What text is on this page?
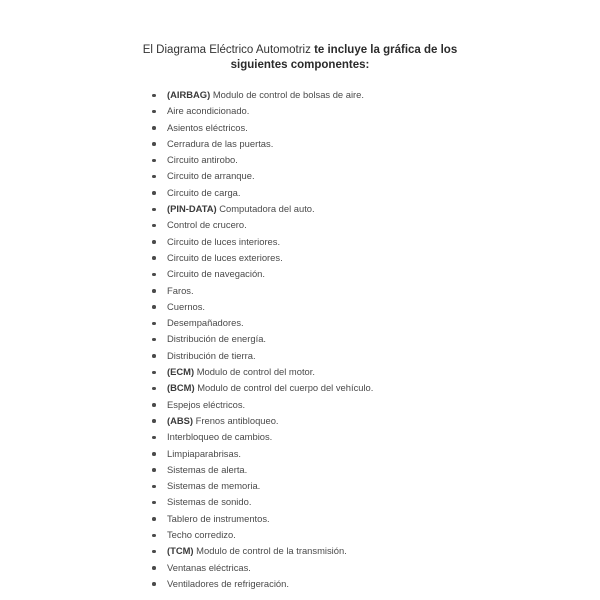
El Diagrama Eléctrico Automotriz te incluye la gráfica de los siguientes componentes:
(AIRBAG) Modulo de control de bolsas de aire.
Aire acondicionado.
Asientos eléctricos.
Cerradura de las puertas.
Circuito antirobo.
Circuito de arranque.
Circuito de carga.
(PIN-DATA) Computadora del auto.
Control de crucero.
Circuito de luces interiores.
Circuito de luces exteriores.
Circuito de navegación.
Faros.
Cuernos.
Desempañadores.
Distribución de energía.
Distribución de tierra.
(ECM) Modulo de control del motor.
(BCM) Modulo de control del cuerpo del vehículo.
Espejos eléctricos.
(ABS) Frenos antibloqueo.
Interbloqueo de cambios.
Limpiaparabrisas.
Sistemas de alerta.
Sistemas de memoria.
Sistemas de sonido.
Tablero de instrumentos.
Techo corredizo.
(TCM) Modulo de control de la transmisión.
Ventanas eléctricas.
Ventiladores de refrigeración.
